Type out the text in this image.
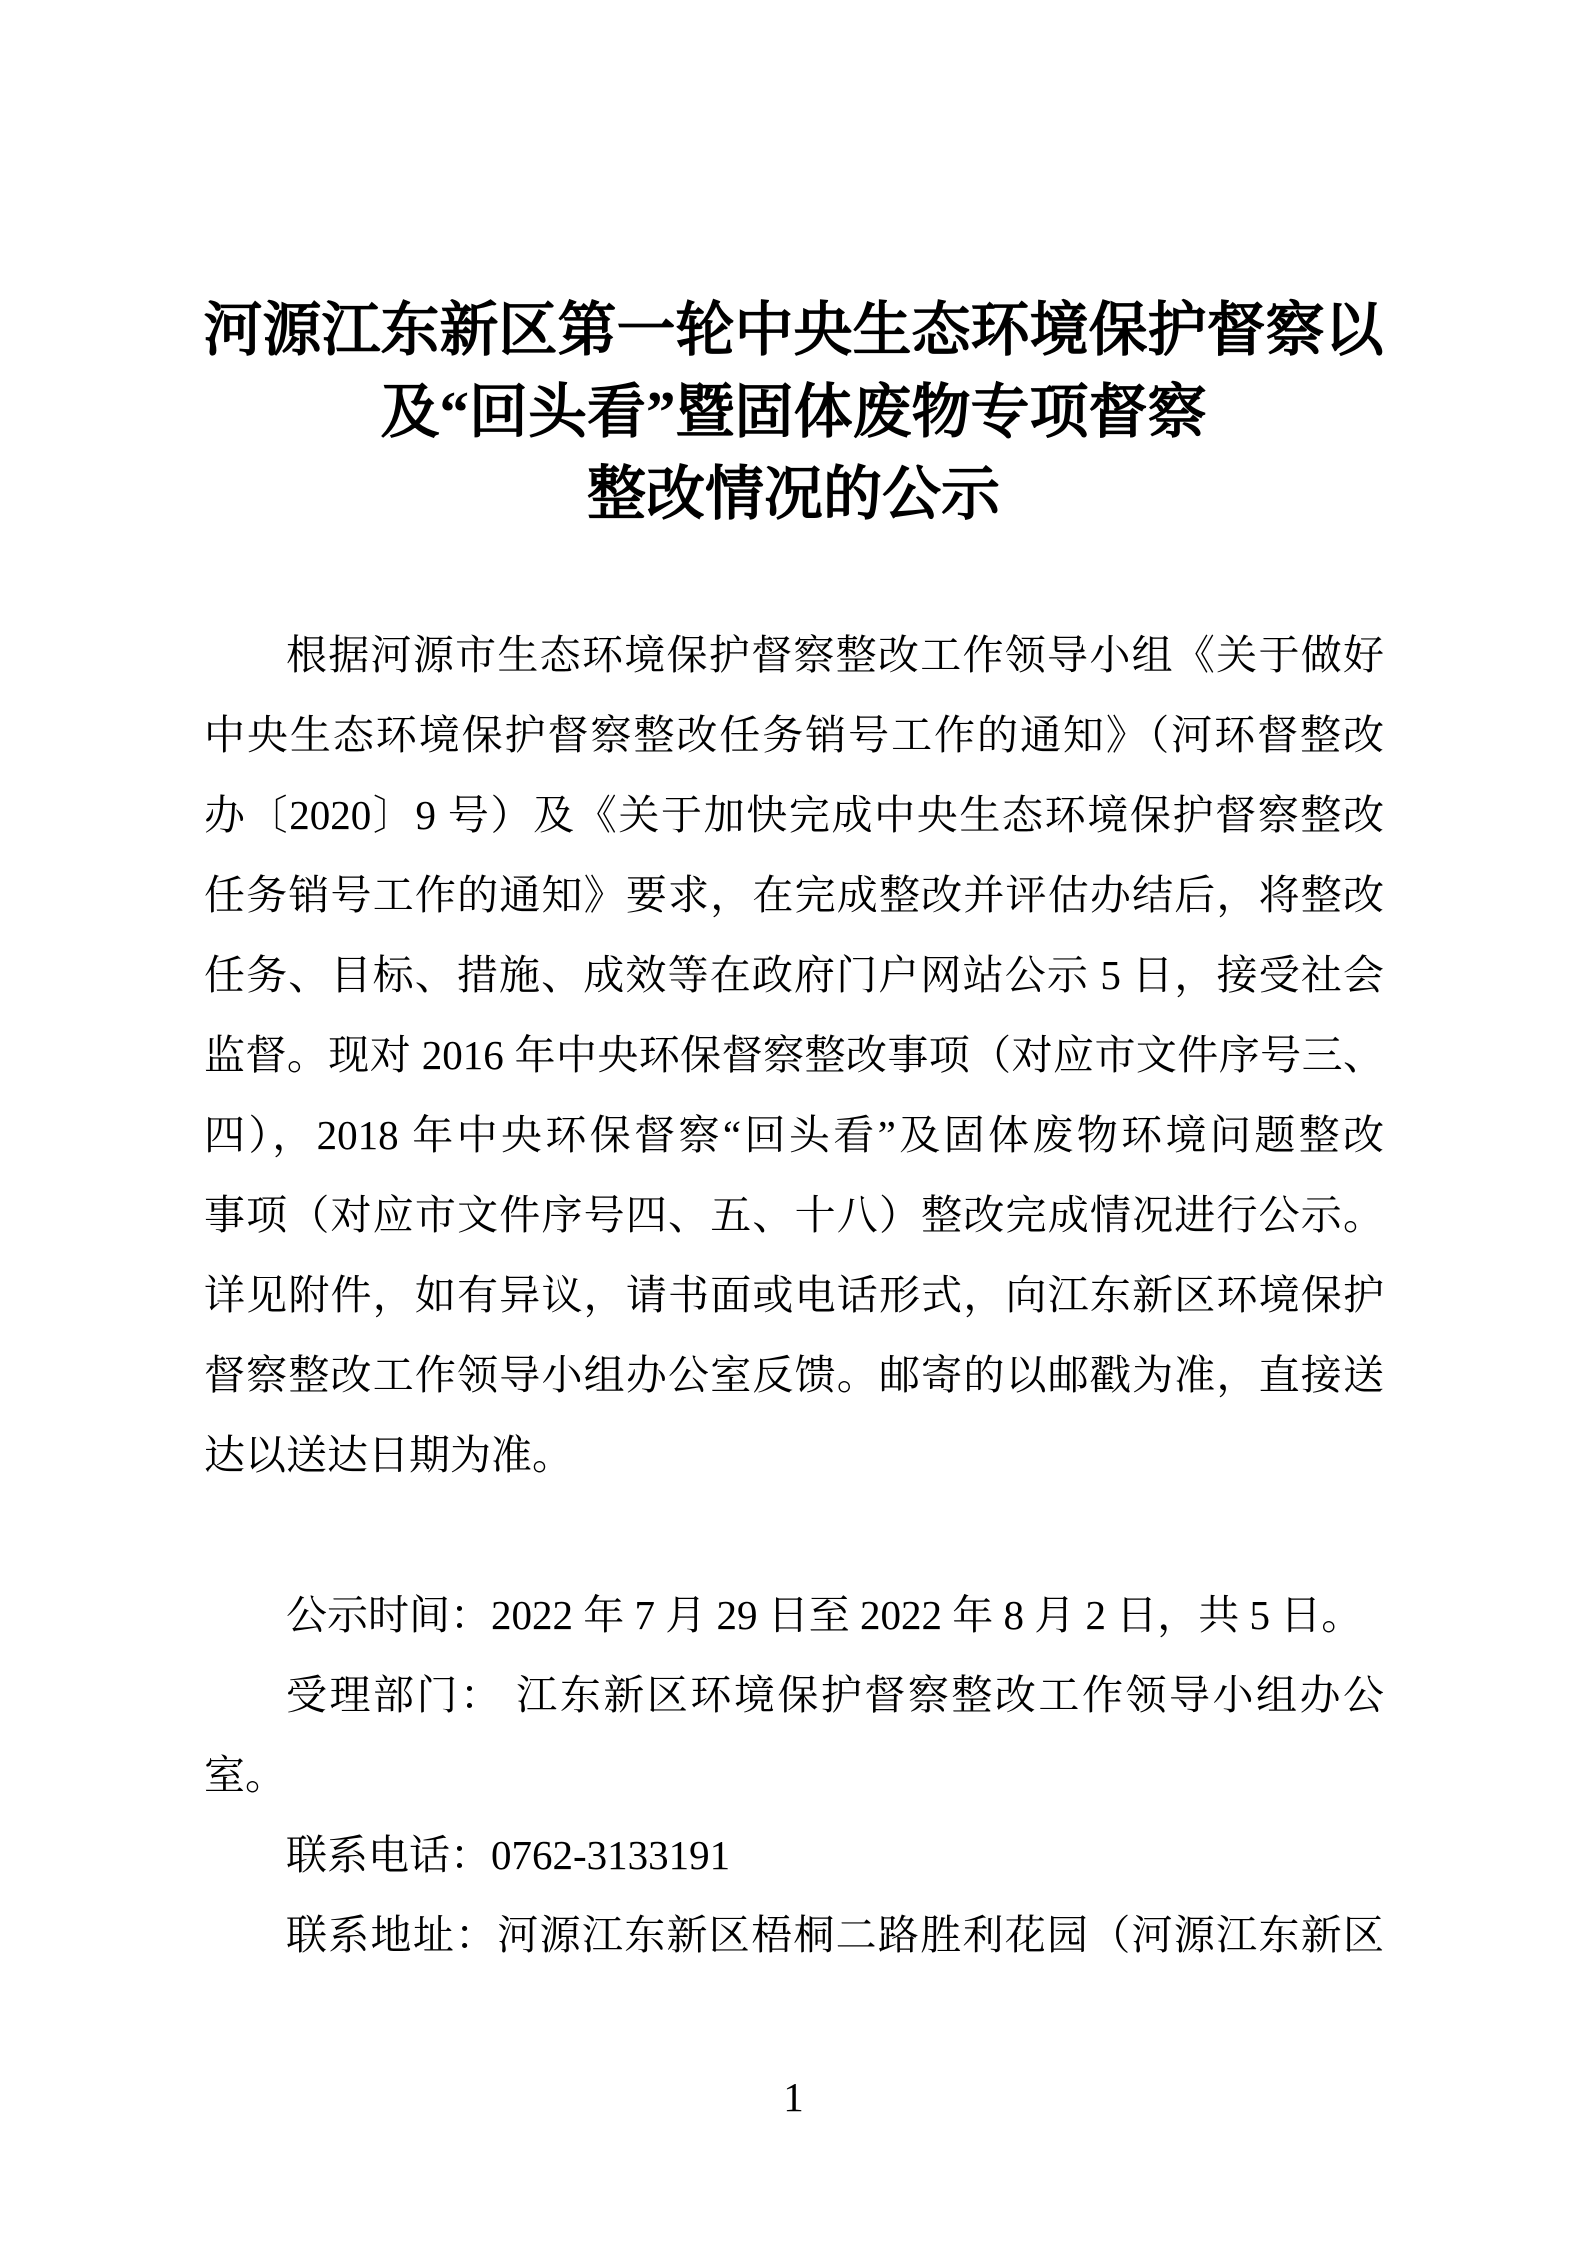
河源江东新区第一轮中央生态环境保护督察以
及“回头看”暨固体废物专项督察
整改情况的公示
根据河源市生态环境保护督察整改工作领导小组《关于做好
中央生态环境保护督察整改任务销号工作的通知》（河环督整改
办〔2020〕9 号）及《关于加快完成中央生态环境保护督察整改
任务销号工作的通知》要求，在完成整改并评估办结后，将整改
任务、目标、措施、成效等在政府门户网站公示 5 日，接受社会
监督。现对 2016 年中央环保督察整改事项（对应市文件序号三、
四），2018 年中央环保督察“回头看”及固体废物环境问题整改
事项（对应市文件序号四、五、十八）整改完成情况进行公示。
详见附件，如有异议，请书面或电话形式，向江东新区环境保护
督察整改工作领导小组办公室反馈。邮寄的以邮戳为准，直接送
达以送达日期为准。
公示时间：2022 年 7 月 29 日至 2022 年 8 月 2 日，共 5 日。
受理部门： 江东新区环境保护督察整改工作领导小组办公
室。
联系电话：0762-3133191
联系地址：河源江东新区梧桐二路胜利花园（河源江东新区
1
